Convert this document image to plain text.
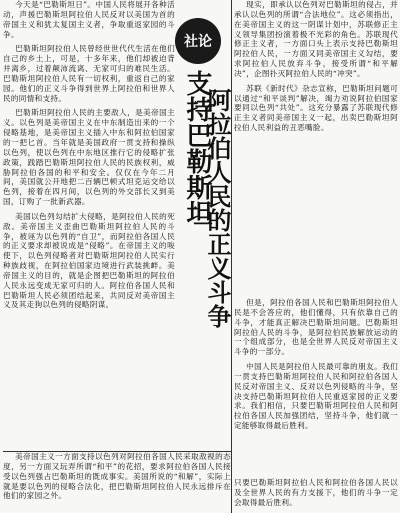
今天是“巴勒斯坦日”。中国人民将展开各种活动，声援巴勒斯坦阿拉伯人民反对以美国为首的帝国主义和犹太复国主义者，争取重返家园的斗争。

巴勒斯坦阿拉伯人民曾经世世代代生活在他们自己的乡土上，可是，十多年来，他们却被迫背井离乡，过着颠沛流离、无家可归的难民生活。巴勒斯坦阿拉伯人民有一切权利，重返自己的家园。他们的正义斗争得到世界上阿拉伯和世界人民的同情和支持。

巴勒斯坦阿拉伯人民的主要敌人，是美帝国主义。以色列是美帝国主义在中东制造出来的一个侵略基地，是美帝国主义插入中东和阿拉伯国家的一把匕首。当年就是美国政府一贯支持和操纵以色列，使以色列在中东地区推行它的侵略扩张政策，践踏巴勒斯坦阿拉伯人民的民族权利，威胁阿拉伯各国的和平和安全。仅仅在今年二月间，美国就公开地把二百辆巴顿式坦克运交给以色列，接着在四月间，以色列的外交部长又到美国，订购了一批新武器。

美国以色列勾结扩大侵略，是阿拉伯人民的死敌。美帝国主义歪曲巴勒斯坦阿拉伯人民的斗争，被诬为以色列的“自卫”，而阿拉伯各国人民的正义要求却被说成是“侵略”。在帝国主义的唆使下，以色列侵略者对巴勒斯坦阿拉伯人民实行种族歧视，在阿拉伯国家边境进行武装挑衅。美帝国主义的目的，就是企图把巴勒斯坦的阿拉伯人民永远变成无家可归的人。阿拉伯各国人民和巴勒斯坦人民必须团结起来，共同反对美帝国主义及其走狗以色列的侵略阴谋。

社论
支持巴勒斯坦
阿拉伯人民的正义斗争

现实，即承认以色列对巴勒斯坦的侵占，并承认以色列的所谓“合法地位”。这必须指出，在美帝国主义的这一阴谋计划中，苏联修正主义领导集团扮演着极不光彩的角色。苏联现代修正主义者，一方面口头上表示支持巴勒斯坦阿拉伯人民，一方面又同美帝国主义勾结，要求阿拉伯人民放弃斗争，接受所谓“和平解决”，企图扑灭阿拉伯人民的“冲突”。

苏联《新时代》杂志宣称，巴勒斯坦问题可以通过“和平谈判”解决，竭力劝说阿拉伯国家要同以色列“共处”。这充分暴露了苏联现代修正主义者同美帝国主义一起，出卖巴勒斯坦阿拉伯人民利益的丑恶嘴脸。

但是，阿拉伯各国人民和巴勒斯坦阿拉伯人民是不会答应的，他们懂得，只有依靠自己的斗争，才能真正解决巴勒斯坦问题。巴勒斯坦阿拉伯人民的斗争，是阿拉伯民族解放运动的一个组成部分，也是全世界人民反对帝国主义斗争的一部分。

中国人民是阿拉伯人民最可靠的朋友。我们一贯支持巴勒斯坦阿拉伯人民和阿拉伯各国人民反对帝国主义、反对以色列侵略的斗争，坚决支持巴勒斯坦阿拉伯人民重返家园的正义要求。我们相信，只要巴勒斯坦阿拉伯人民和阿拉伯各国人民加强团结，坚持斗争，他们就一定能够取得最后胜利。

美帝国主义一方面支持以色列对阿拉伯各国人民采取敌视的态度，另一方面又玩弄所谓“和平”的花招，要求阿拉伯各国人民接受以色列强占巴勒斯坦的既成事实。美国所说的“和解”，实际上就是要以色列的侵略合法化，把巴勒斯坦阿拉伯人民永远排斥在他们的家园之外。

只要巴勒斯坦阿拉伯人民和阿拉伯各国人民以及全世界人民的有力支援下，他们的斗争一定会取得最后胜利。
